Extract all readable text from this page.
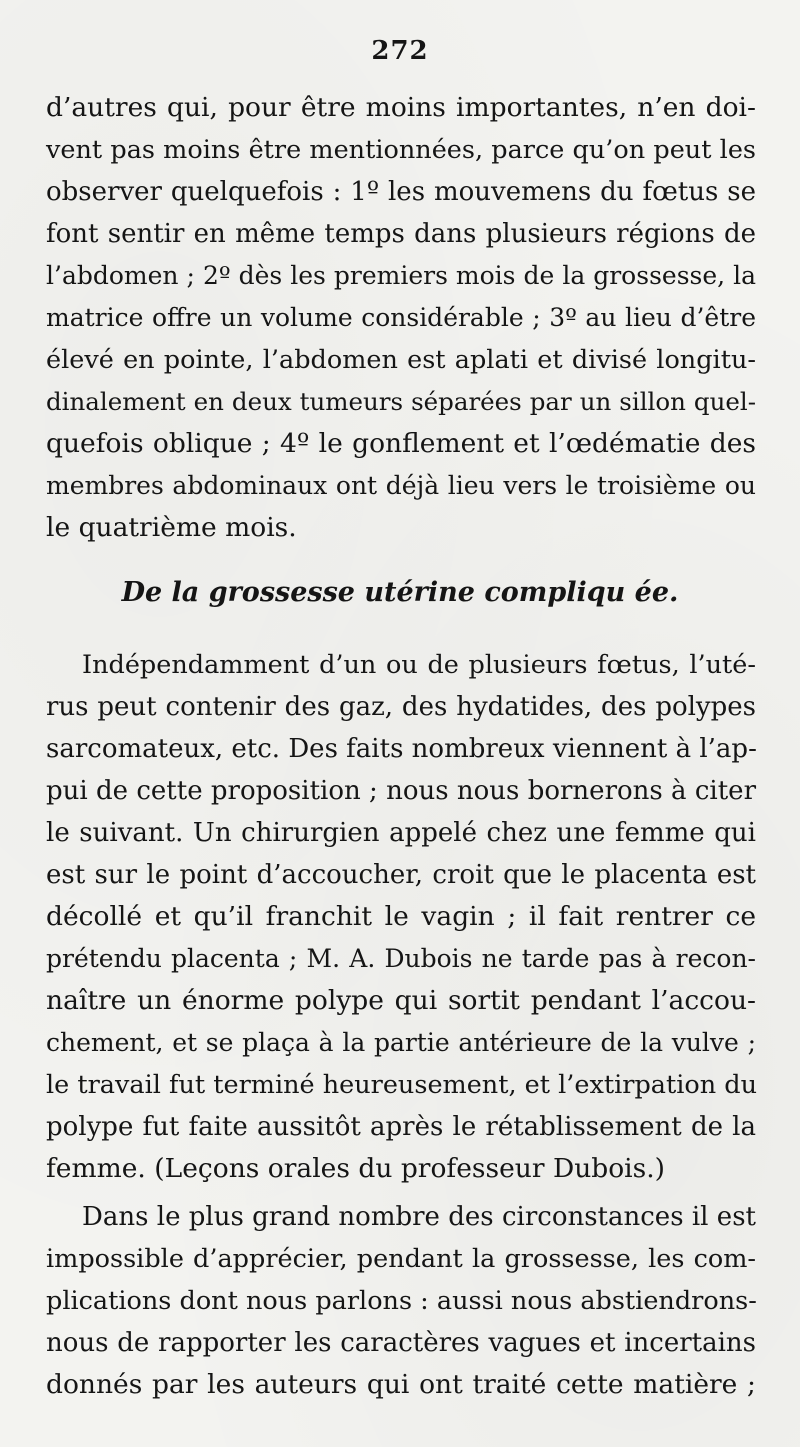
272
d’autres qui, pour être moins importantes, n’en doi-
vent pas moins être mentionnées, parce qu’on peut les
observer quelquefois : 1º les mouvemens du fœtus se
font sentir en même temps dans plusieurs régions de
l’abdomen ; 2º dès les premiers mois de la grossesse, la
matrice offre un volume considérable ; 3º au lieu d’être
élevé en pointe, l’abdomen est aplati et divisé longitu-
dinalement en deux tumeurs séparées par un sillon quel-
quefois oblique ; 4º le gonflement et l’œdématie des
membres abdominaux ont déjà lieu vers le troisième ou
le quatrième mois.
De la grossesse utérine compliqu ée.
Indépendamment d’un ou de plusieurs fœtus, l’uté-
rus peut contenir des gaz, des hydatides, des polypes
sarcomateux, etc. Des faits nombreux viennent à l’ap-
pui de cette proposition ; nous nous bornerons à citer
le suivant. Un chirurgien appelé chez une femme qui
est sur le point d’accoucher, croit que le placenta est
décollé et qu’il franchit le vagin ; il fait rentrer ce
prétendu placenta ; M. A. Dubois ne tarde pas à recon-
naître un énorme polype qui sortit pendant l’accou-
chement, et se plaça à la partie antérieure de la vulve ;
le travail fut terminé heureusement, et l’extirpation du
polype fut faite aussitôt après le rétablissement de la
femme. (Leçons orales du professeur Dubois.)
Dans le plus grand nombre des circonstances il est
impossible d’apprécier, pendant la grossesse, les com-
plications dont nous parlons : aussi nous abstiendrons-
nous de rapporter les caractères vagues et incertains
donnés par les auteurs qui ont traité cette matière ;
